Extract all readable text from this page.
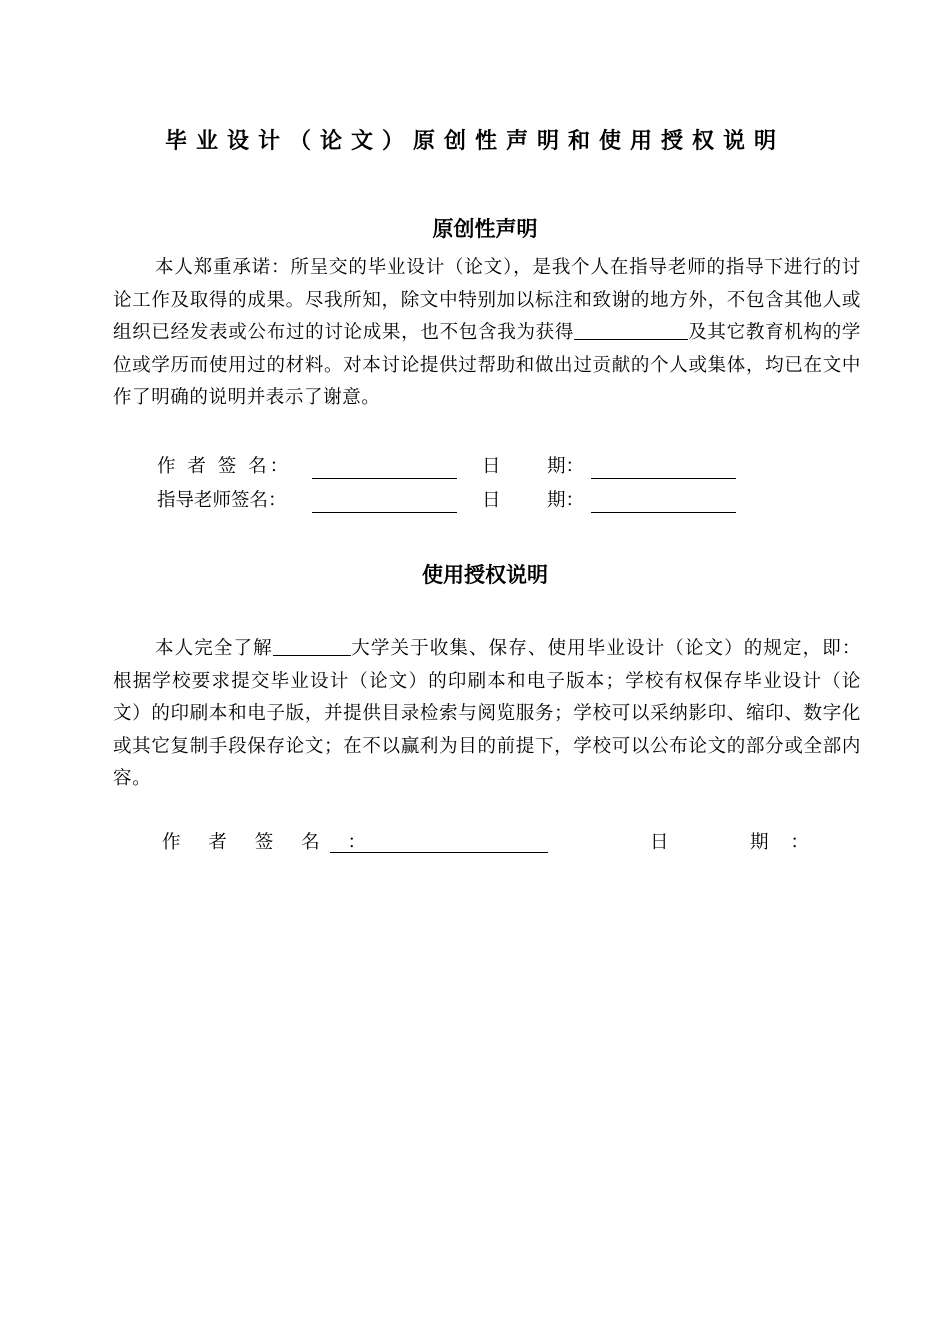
毕业设计（论文）原创性声明和使用授权说明
原创性声明

本人郑重承诺：所呈交的毕业设计（论文），是我个人在指导老师的指导下进行的讨论工作及取得的成果。尽我所知，除文中特别加以标注和致谢的地方外，不包含其他人或组织已经发表或公布过的讨论成果，也不包含我为获得	及其它教育机构的学位或学历而使用过的材料。对本讨论提供过帮助和做出过贡献的个人或集体，均已在文中作了明确的说明并表示了谢意。

作 者 签 名：	日	期：
指导老师签名：	日	期：
使用授权说明

本人完全了解	大学关于收集、保存、使用毕业设计（论文）的规定，即：根据学校要求提交毕业设计（论文）的印刷本和电子版本；学校有权保存毕业设计（论文）的印刷本和电子版，并提供目录检索与阅览服务；学校可以采纳影印、缩印、数字化或其它复制手段保存论文；在不以赢利为目的前提下，学校可以公布论文的部分或全部内容。

作 者 签 名 ：	日	期 ：
